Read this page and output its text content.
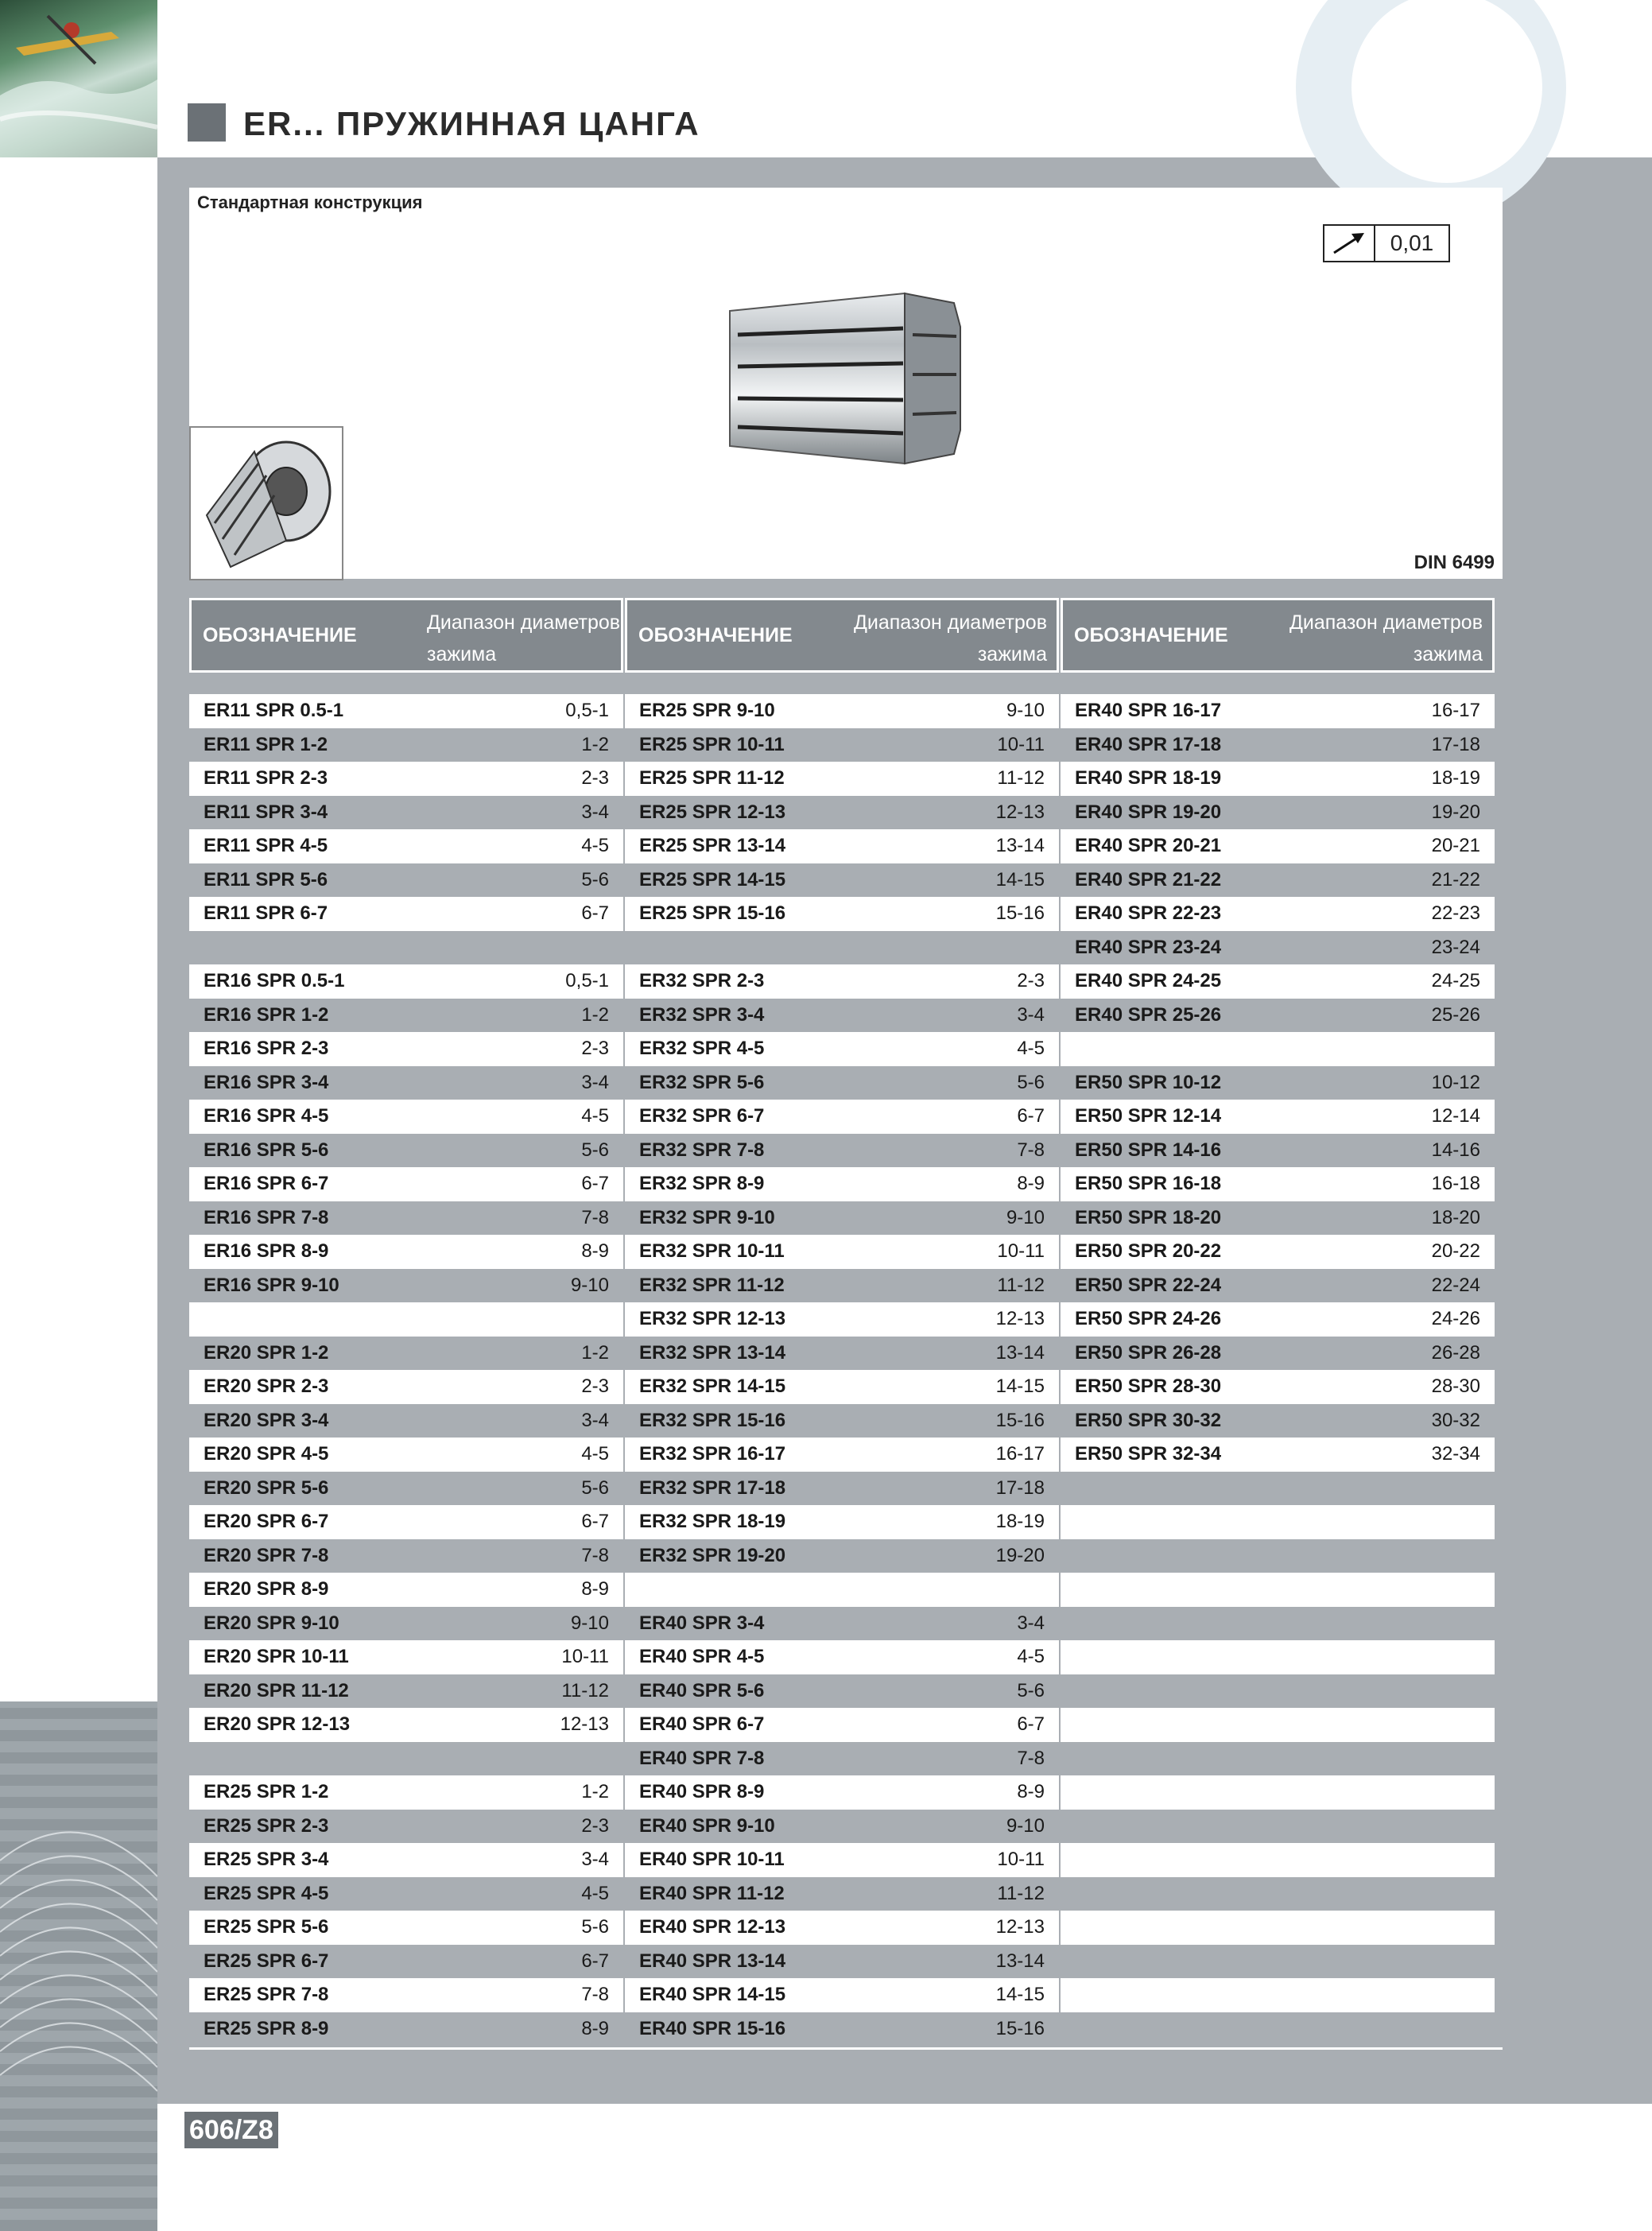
ER... ПРУЖИННАЯ ЦАНГА
Стандартная конструкция
0,01
DIN 6499
ОБОЗНАЧЕНИЕ
Диапазон диаметров
зажима
ER11 SPR 0.5-1	0,5-1
ER11 SPR 1-2	1-2
ER11 SPR 2-3	2-3
ER11 SPR 3-4	3-4
ER11 SPR 4-5	4-5
ER11 SPR 5-6	5-6
ER11 SPR 6-7	6-7
ER16 SPR 0.5-1	0,5-1
ER16 SPR 1-2	1-2
ER16 SPR 2-3	2-3
ER16 SPR 3-4	3-4
ER16 SPR 4-5	4-5
ER16 SPR 5-6	5-6
ER16 SPR 6-7	6-7
ER16 SPR 7-8	7-8
ER16 SPR 8-9	8-9
ER16 SPR 9-10	9-10
ER20 SPR 1-2	1-2
ER20 SPR 2-3	2-3
ER20 SPR 3-4	3-4
ER20 SPR 4-5	4-5
ER20 SPR 5-6	5-6
ER20 SPR 6-7	6-7
ER20 SPR 7-8	7-8
ER20 SPR 8-9	8-9
ER20 SPR 9-10	9-10
ER20 SPR 10-11	10-11
ER20 SPR 11-12	11-12
ER20 SPR 12-13	12-13
ER25 SPR 1-2	1-2
ER25 SPR 2-3	2-3
ER25 SPR 3-4	3-4
ER25 SPR 4-5	4-5
ER25 SPR 5-6	5-6
ER25 SPR 6-7	6-7
ER25 SPR 7-8	7-8
ER25 SPR 8-9	8-9
ОБОЗНАЧЕНИЕ
Диапазон диаметров
зажима
ER25 SPR 9-10	9-10
ER25 SPR 10-11	10-11
ER25 SPR 11-12	11-12
ER25 SPR 12-13	12-13
ER25 SPR 13-14	13-14
ER25 SPR 14-15	14-15
ER25 SPR 15-16	15-16
ER32 SPR 2-3	2-3
ER32 SPR 3-4	3-4
ER32 SPR 4-5	4-5
ER32 SPR 5-6	5-6
ER32 SPR 6-7	6-7
ER32 SPR 7-8	7-8
ER32 SPR 8-9	8-9
ER32 SPR 9-10	9-10
ER32 SPR 10-11	10-11
ER32 SPR 11-12	11-12
ER32 SPR 12-13	12-13
ER32 SPR 13-14	13-14
ER32 SPR 14-15	14-15
ER32 SPR 15-16	15-16
ER32 SPR 16-17	16-17
ER32 SPR 17-18	17-18
ER32 SPR 18-19	18-19
ER32 SPR 19-20	19-20
ER40 SPR 3-4	3-4
ER40 SPR 4-5	4-5
ER40 SPR 5-6	5-6
ER40 SPR 6-7	6-7
ER40 SPR 7-8	7-8
ER40 SPR 8-9	8-9
ER40 SPR 9-10	9-10
ER40 SPR 10-11	10-11
ER40 SPR 11-12	11-12
ER40 SPR 12-13	12-13
ER40 SPR 13-14	13-14
ER40 SPR 14-15	14-15
ER40 SPR 15-16	15-16
ОБОЗНАЧЕНИЕ
Диапазон диаметров
зажима
ER40 SPR 16-17	16-17
ER40 SPR 17-18	17-18
ER40 SPR 18-19	18-19
ER40 SPR 19-20	19-20
ER40 SPR 20-21	20-21
ER40 SPR 21-22	21-22
ER40 SPR 22-23	22-23
ER40 SPR 23-24	23-24
ER40 SPR 24-25	24-25
ER40 SPR 25-26	25-26
ER50 SPR 10-12	10-12
ER50 SPR 12-14	12-14
ER50 SPR 14-16	14-16
ER50 SPR 16-18	16-18
ER50 SPR 18-20	18-20
ER50 SPR 20-22	20-22
ER50 SPR 22-24	22-24
ER50 SPR 24-26	24-26
ER50 SPR 26-28	26-28
ER50 SPR 28-30	28-30
ER50 SPR 30-32	30-32
ER50 SPR 32-34	32-34
606/Z8
